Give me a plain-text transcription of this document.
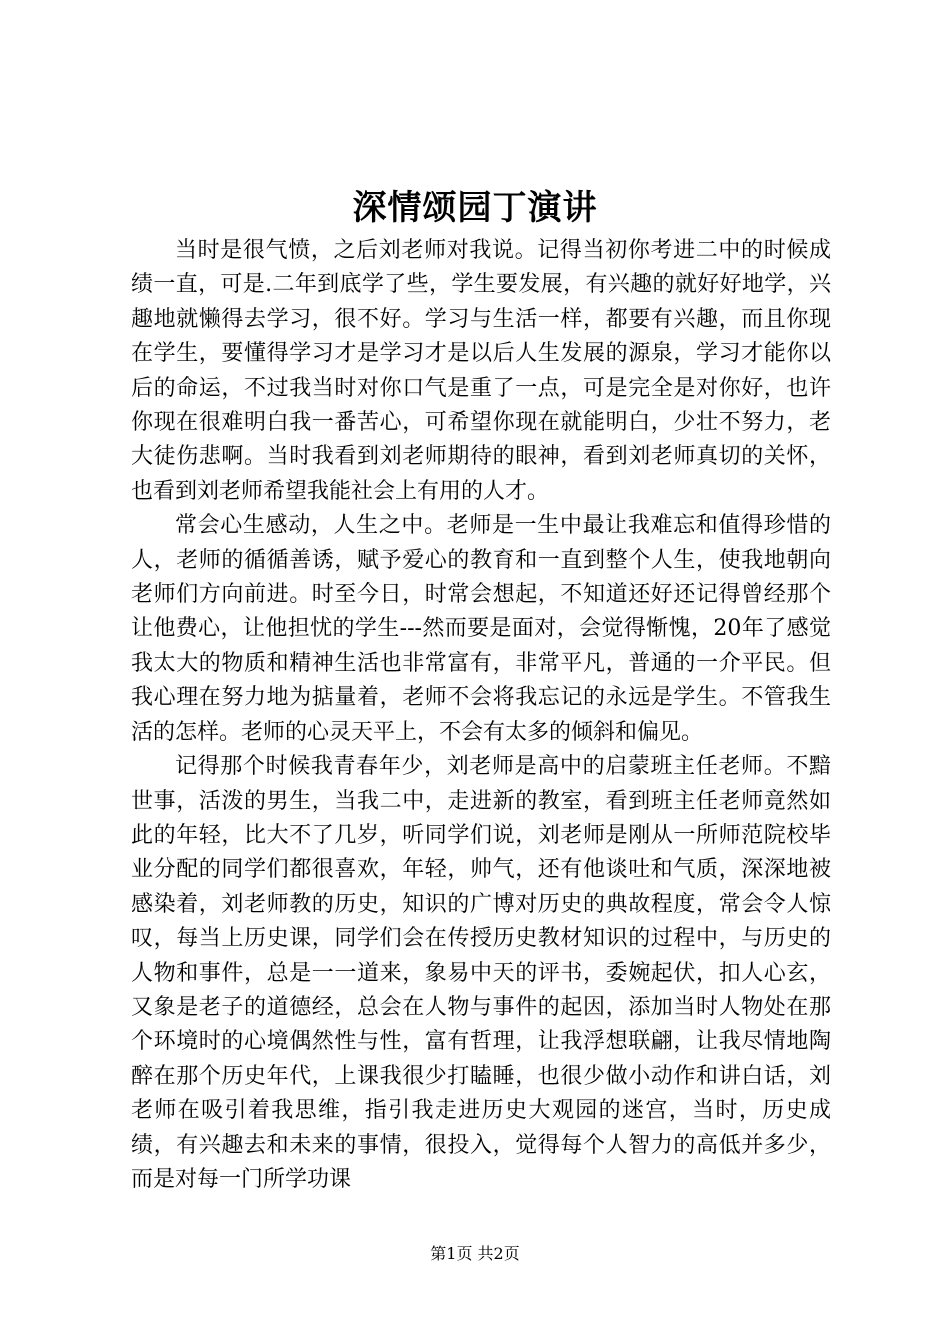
深情颂园丁演讲

当时是很气愤，之后刘老师对我说。记得当初你考进二中的时候成绩一直，可是.二年到底学了些，学生要发展，有兴趣的就好好地学，兴趣地就懒得去学习，很不好。学习与生活一样，都要有兴趣，而且你现在学生，要懂得学习才是学习才是以后人生发展的源泉，学习才能你以后的命运，不过我当时对你口气是重了一点，可是完全是对你好，也许你现在很难明白我一番苦心，可希望你现在就能明白，少壮不努力，老大徒伤悲啊。当时我看到刘老师期待的眼神，看到刘老师真切的关怀，也看到刘老师希望我能社会上有用的人才。

常会心生感动，人生之中。老师是一生中最让我难忘和值得珍惜的人，老师的循循善诱，赋予爱心的教育和一直到整个人生，使我地朝向老师们方向前进。时至今日，时常会想起，不知道还好还记得曾经那个让他费心，让他担忧的学生---然而要是面对，会觉得惭愧，20年了感觉我太大的物质和精神生活也非常富有，非常平凡，普通的一介平民。但我心理在努力地为掂量着，老师不会将我忘记的永远是学生。不管我生活的怎样。老师的心灵天平上，不会有太多的倾斜和偏见。

记得那个时候我青春年少，刘老师是高中的启蒙班主任老师。不黯世事，活泼的男生，当我二中，走进新的教室，看到班主任老师竟然如此的年轻，比大不了几岁，听同学们说，刘老师是刚从一所师范院校毕业分配的同学们都很喜欢，年轻，帅气，还有他谈吐和气质，深深地被感染着，刘老师教的历史，知识的广博对历史的典故程度，常会令人惊叹，每当上历史课，同学们会在传授历史教材知识的过程中，与历史的人物和事件，总是一一道来，象易中天的评书，委婉起伏，扣人心玄，又象是老子的道德经，总会在人物与事件的起因，添加当时人物处在那个环境时的心境偶然性与性，富有哲理，让我浮想联翩，让我尽情地陶醉在那个历史年代，上课我很少打瞌睡，也很少做小动作和讲白话，刘老师在吸引着我思维，指引我走进历史大观园的迷宫，当时，历史成绩，有兴趣去和未来的事情，很投入，觉得每个人智力的高低并多少，而是对每一门所学功课

第1页 共2页
